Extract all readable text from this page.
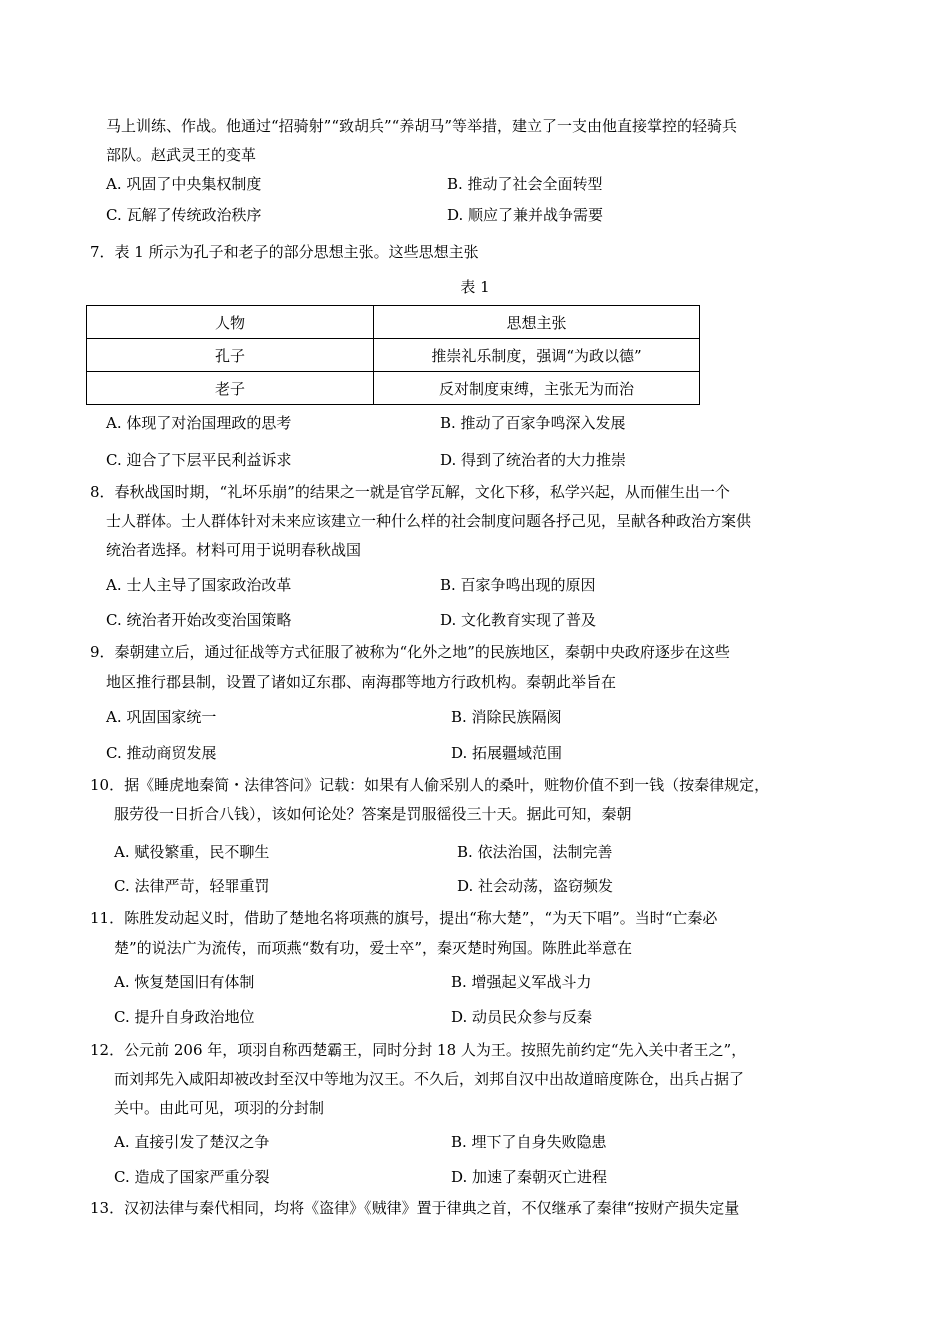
马上训练、作战。他通过“招骑射”“致胡兵”“养胡马”等举措，建立了一支由他直接掌控的轻骑兵
部队。赵武灵王的变革
A. 巩固了中央集权制度	B. 推动了社会全面转型
C. 瓦解了传统政治秩序	D. 顺应了兼并战争需要
7．表 1 所示为孔子和老子的部分思想主张。这些思想主张
表 1
人物	思想主张
孔子	推崇礼乐制度，强调“为政以德”
老子	反对制度束缚，主张无为而治
A. 体现了对治国理政的思考	B. 推动了百家争鸣深入发展
C. 迎合了下层平民利益诉求	D. 得到了统治者的大力推崇
8．春秋战国时期，“礼坏乐崩”的结果之一就是官学瓦解，文化下移，私学兴起，从而催生出一个
士人群体。士人群体针对未来应该建立一种什么样的社会制度问题各抒己见，呈献各种政治方案供
统治者选择。材料可用于说明春秋战国
A. 士人主导了国家政治改革	B. 百家争鸣出现的原因
C. 统治者开始改变治国策略	D. 文化教育实现了普及
9．秦朝建立后，通过征战等方式征服了被称为“化外之地”的民族地区，秦朝中央政府逐步在这些
地区推行郡县制，设置了诸如辽东郡、南海郡等地方行政机构。秦朝此举旨在
A. 巩固国家统一	B. 消除民族隔阂
C. 推动商贸发展	D. 拓展疆域范围
10．据《睡虎地秦简・法律答问》记载：如果有人偷采别人的桑叶，赃物价值不到一钱（按秦律规定，
服劳役一日折合八钱），该如何论处？答案是罚服徭役三十天。据此可知，秦朝
A. 赋役繁重，民不聊生	B. 依法治国，法制完善
C. 法律严苛，轻罪重罚	D. 社会动荡，盗窃频发
11．陈胜发动起义时，借助了楚地名将项燕的旗号，提出“称大楚”，“为天下唱”。当时“亡秦必
楚”的说法广为流传，而项燕“数有功，爱士卒”，秦灭楚时殉国。陈胜此举意在
A. 恢复楚国旧有体制	B. 增强起义军战斗力
C. 提升自身政治地位	D. 动员民众参与反秦
12．公元前 206 年，项羽自称西楚霸王，同时分封 18 人为王。按照先前约定“先入关中者王之”，
而刘邦先入咸阳却被改封至汉中等地为汉王。不久后，刘邦自汉中出故道暗度陈仓，出兵占据了
关中。由此可见，项羽的分封制
A. 直接引发了楚汉之争	B. 埋下了自身失败隐患
C. 造成了国家严重分裂	D. 加速了秦朝灭亡进程
13．汉初法律与秦代相同，均将《盗律》《贼律》置于律典之首，不仅继承了秦律“按财产损失定量
